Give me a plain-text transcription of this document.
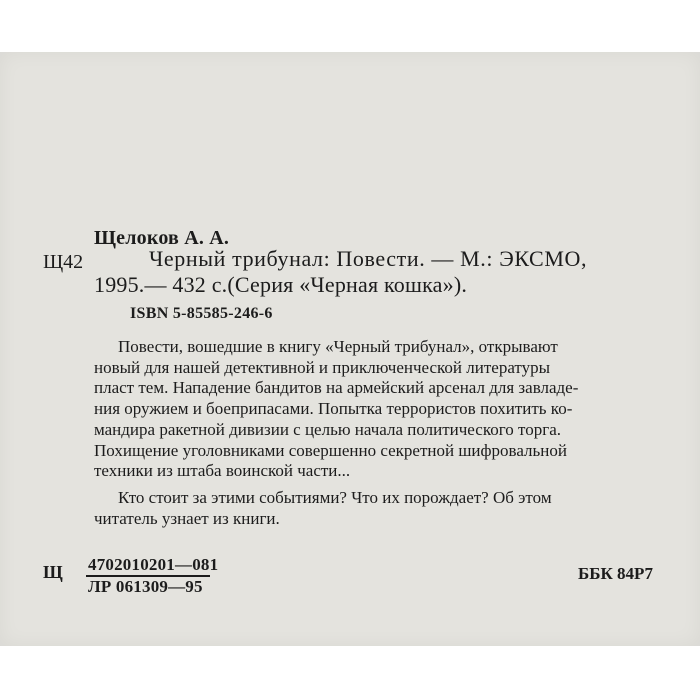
Щелоков А. А.
Щ42	Черный трибунал: Повести. — М.: ЭКСМО,
1995.— 432 с.(Серия «Черная кошка»).
ISBN 5-85585-246-6
Повести, вошедшие в книгу «Черный трибунал», открывают
новый для нашей детективной и приключенческой литературы
пласт тем. Нападение бандитов на армейский арсенал для завладе-
ния оружием и боеприпасами. Попытка террористов похитить ко-
мандира ракетной дивизии с целью начала политического торга.
Похищение уголовниками совершенно секретной шифровальной
техники из штаба воинской части...
Кто стоит за этими событиями? Что их порождает? Об этом
читатель узнает из книги.
Щ 4702010201—081
ЛР 061309—95
ББК 84Р7
